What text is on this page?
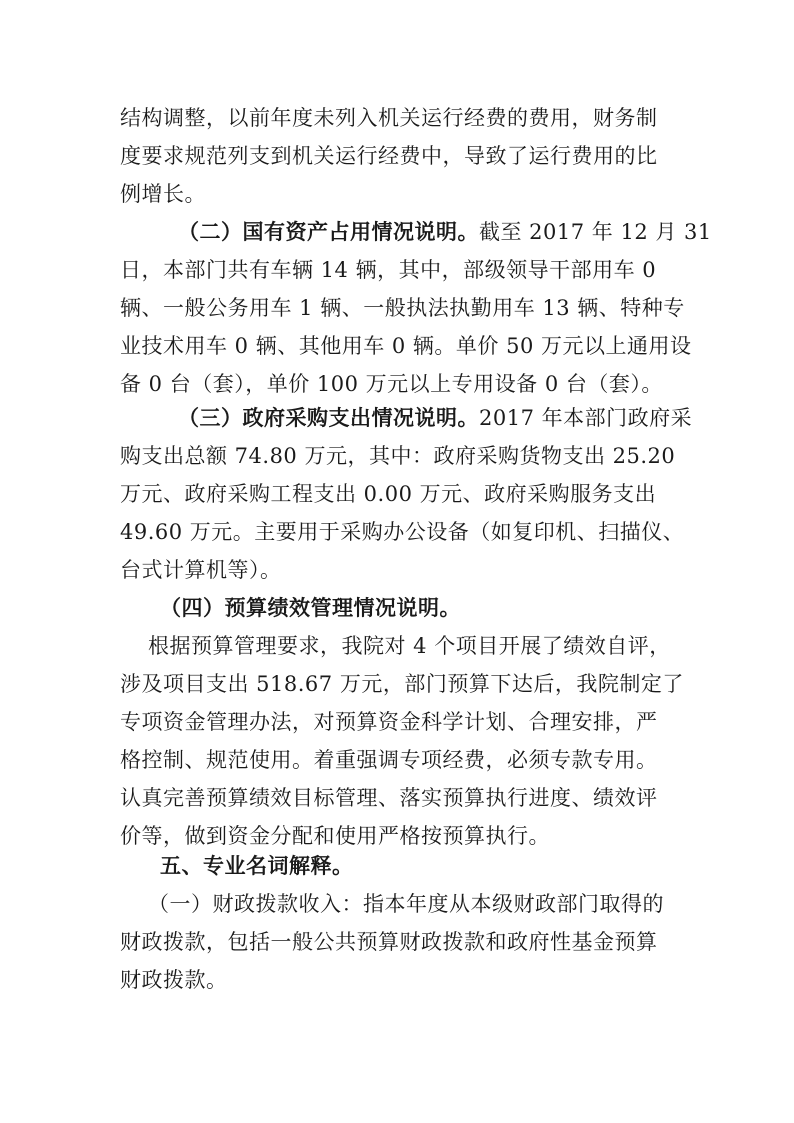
结构调整，以前年度未列入机关运行经费的费用，财务制
度要求规范列支到机关运行经费中，导致了运行费用的比
例增长。
（二）国有资产占用情况说明。截至 2017 年 12 月 31
日，本部门共有车辆 14 辆，其中，部级领导干部用车 0
辆、一般公务用车 1 辆、一般执法执勤用车 13 辆、特种专
业技术用车 0 辆、其他用车 0 辆。单价 50 万元以上通用设
备 0 台（套），单价 100 万元以上专用设备 0 台（套）。
（三）政府采购支出情况说明。2017 年本部门政府采
购支出总额 74.80 万元，其中：政府采购货物支出 25.20
万元、政府采购工程支出 0.00 万元、政府采购服务支出
49.60 万元。主要用于采购办公设备（如复印机、扫描仪、
台式计算机等）。
（四）预算绩效管理情况说明。
根据预算管理要求，我院对 4 个项目开展了绩效自评，
涉及项目支出 518.67 万元，部门预算下达后，我院制定了
专项资金管理办法，对预算资金科学计划、合理安排，严
格控制、规范使用。着重强调专项经费，必须专款专用。
认真完善预算绩效目标管理、落实预算执行进度、绩效评
价等，做到资金分配和使用严格按预算执行。
五、专业名词解释。
（一）财政拨款收入：指本年度从本级财政部门取得的
财政拨款，包括一般公共预算财政拨款和政府性基金预算
财政拨款。
